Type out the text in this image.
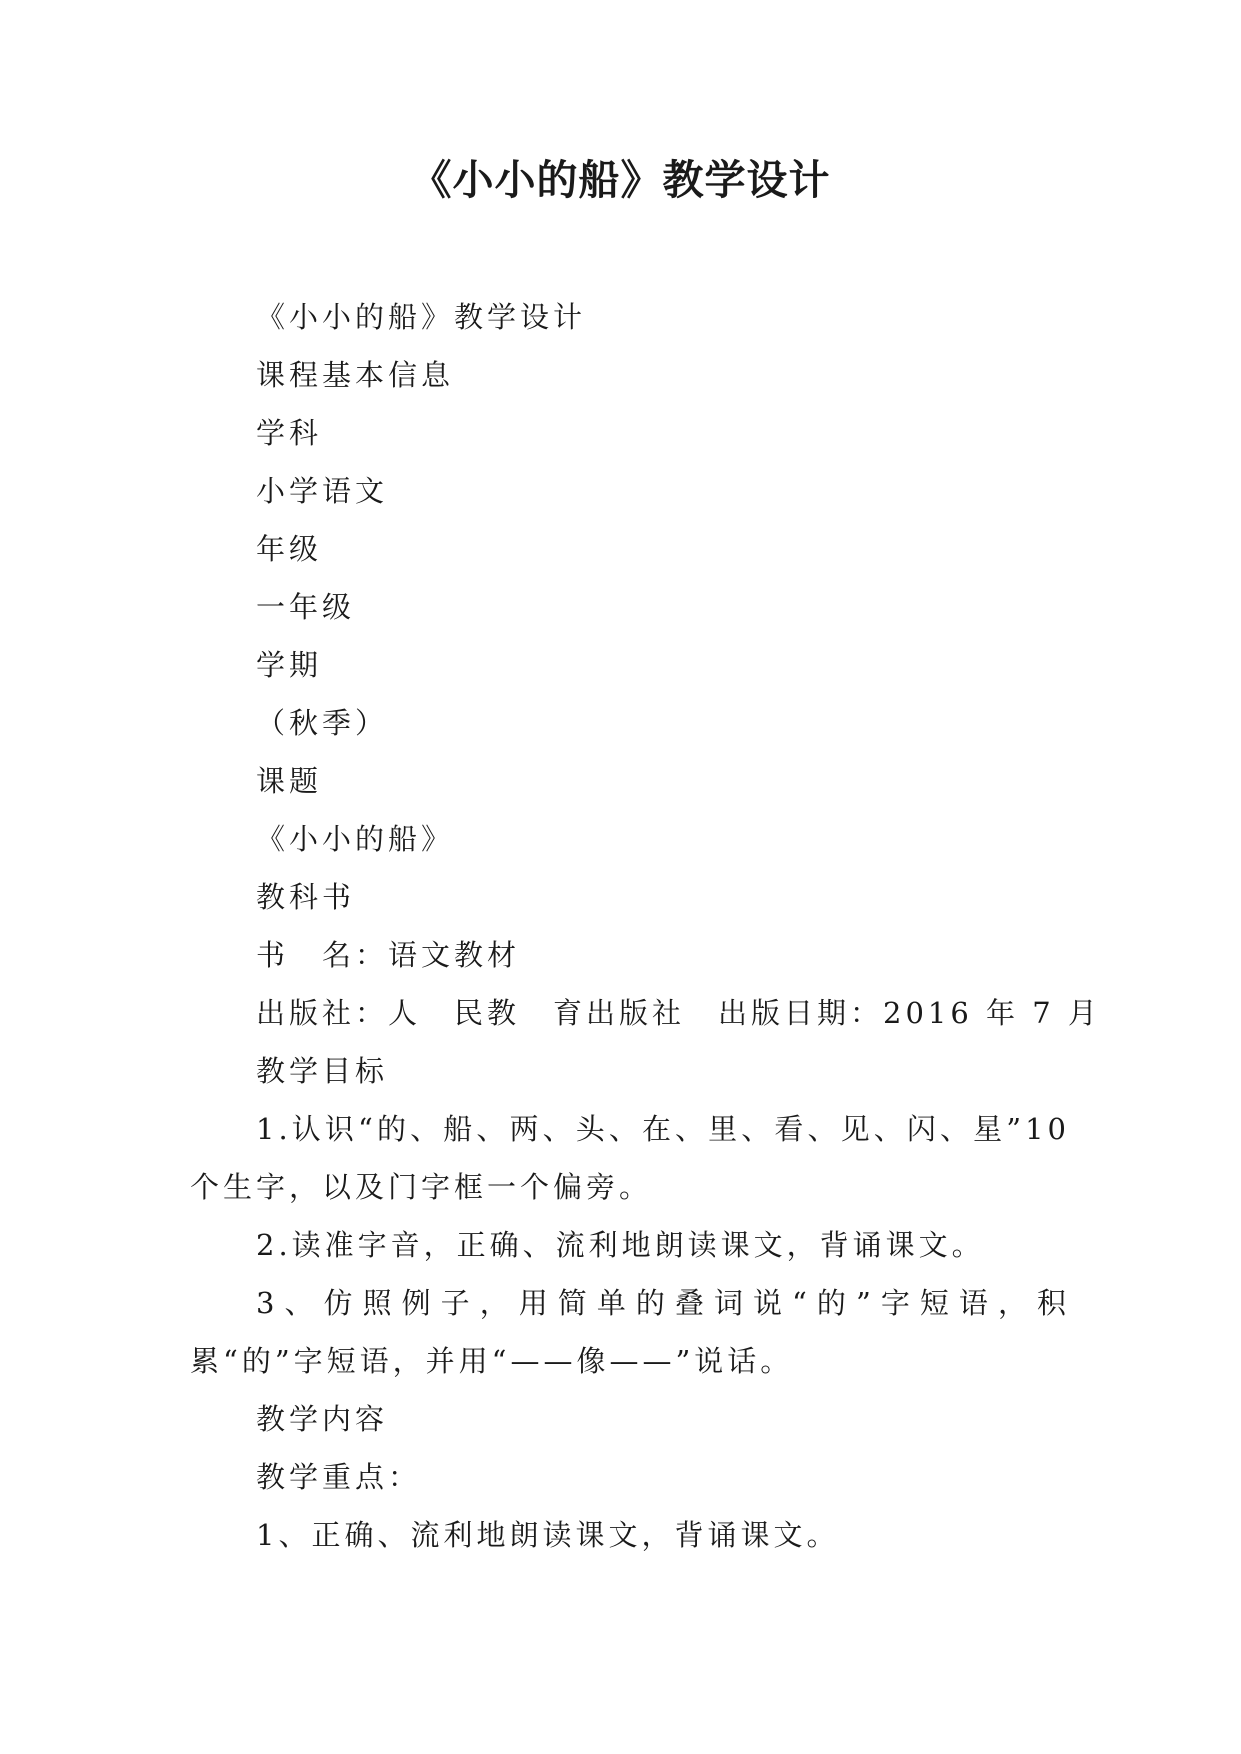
《小小的船》教学设计

《小小的船》教学设计

课程基本信息

学科

小学语文

年级

一年级

学期

（秋季）

课题

《小小的船》

教科书

书　名：语文教材

出版社：人　民教　育出版社　出版日期：2016 年 7 月

教学目标

1.认识“的、船、两、头、在、里、看、见、闪、星”10 个生字，以及门字框一个偏旁。

2.读准字音，正确、流利地朗读课文，背诵课文。

3、仿照例子，用简单的叠词说“的”字短语，积累“的”字短语，并用“——像——”说话。

教学内容

教学重点：

1、正确、流利地朗读课文，背诵课文。
